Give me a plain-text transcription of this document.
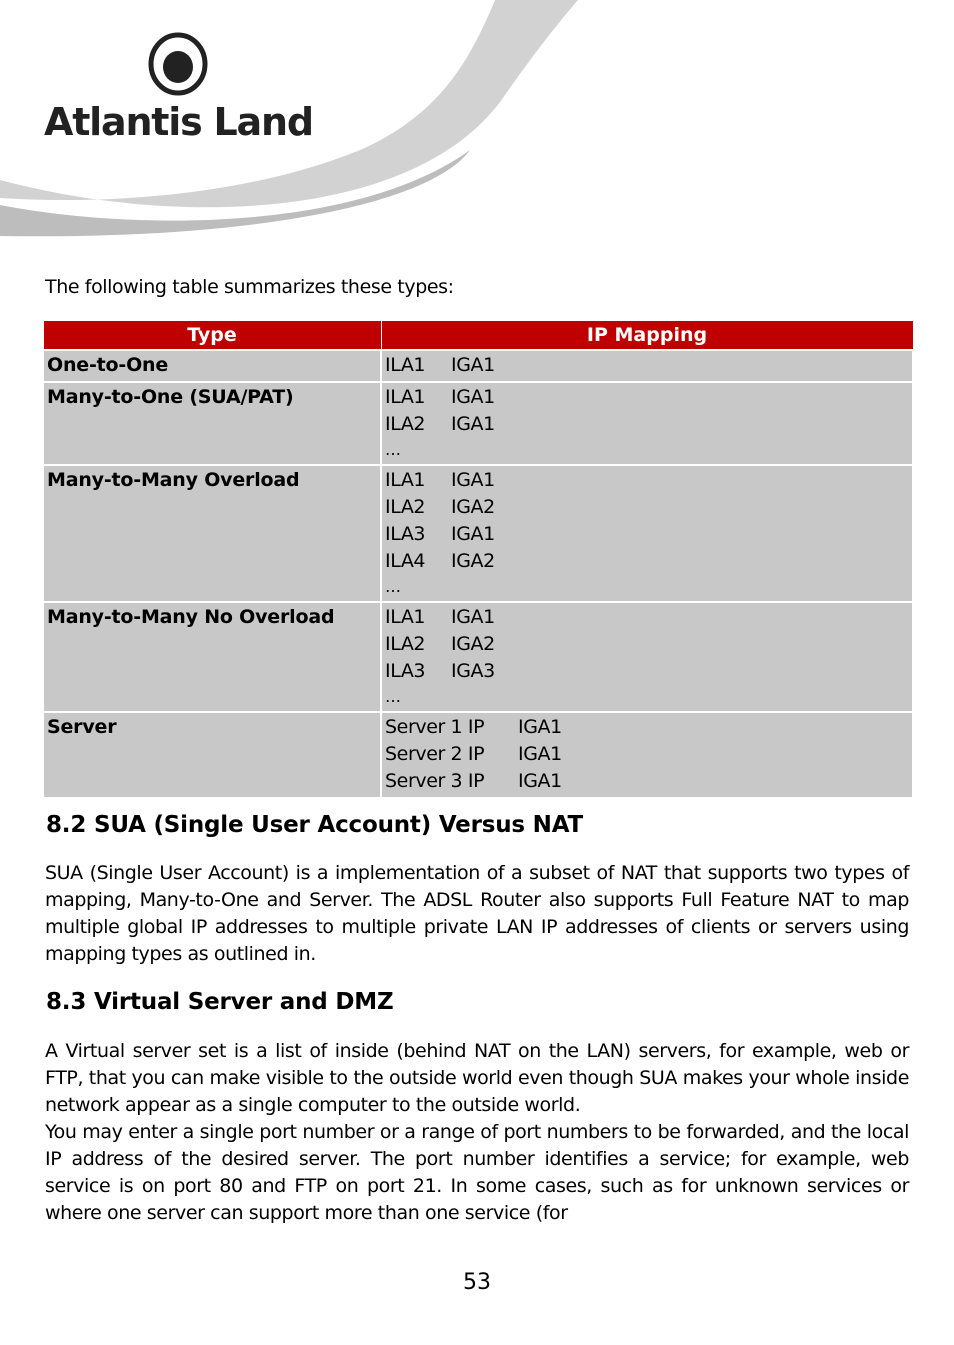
Atlantis Land
The following table summarizes these types:
Type	IP Mapping
One-to-One	ILA1 IGA1

Many-to-One (SUA/PAT)	ILA1 IGA1
ILA2 IGA1
…

Many-to-Many Overload	ILA1 IGA1
ILA2 IGA2
ILA3 IGA1
ILA4 IGA2
…

Many-to-Many No Overload	ILA1 IGA1
ILA2 IGA2
ILA3 IGA3
…

Server	Server 1 IP IGA1
Server 2 IP IGA1
Server 3 IP IGA1
8.2 SUA (Single User Account) Versus NAT

SUA (Single User Account) is a implementation of a subset of NAT that supports two types of mapping, Many-to-One and Server. The ADSL Router also supports Full Feature NAT to map multiple global IP addresses to multiple private LAN IP addresses of clients or servers using mapping types as outlined in.

8.3 Virtual Server and DMZ

A Virtual server set is a list of inside (behind NAT on the LAN) servers, for example, web or FTP, that you can make visible to the outside world even though SUA makes your whole inside network appear as a single computer to the outside world.

You may enter a single port number or a range of port numbers to be forwarded, and the local IP address of the desired server. The port number identifies a service; for example, web service is on port 80 and FTP on port 21. In some cases, such as for unknown services or where one server can support more than one service (for

53
